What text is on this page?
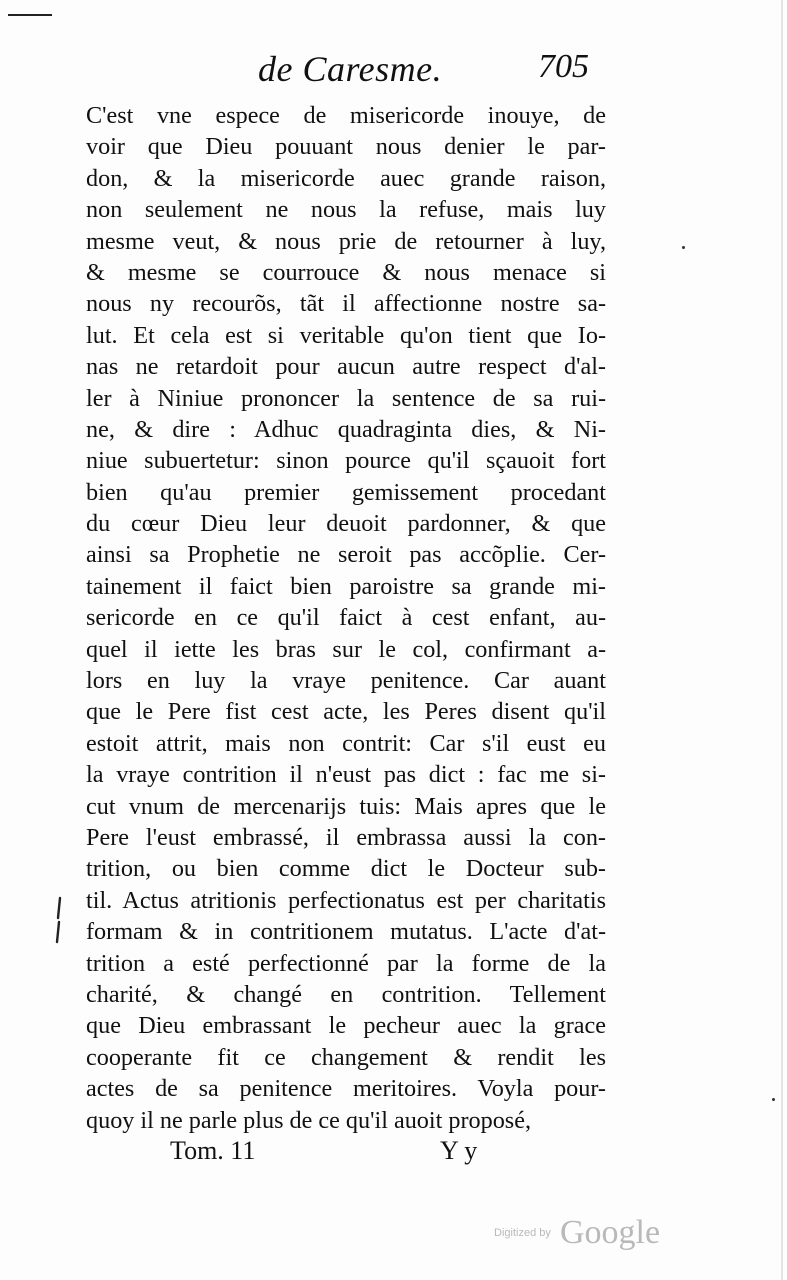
de Caresme.	705
C'est vne espece de misericorde inouye, de
voir que Dieu pouuant nous denier le par-
don, & la misericorde auec grande raison,
non seulement ne nous la refuse, mais luy
mesme veut, & nous prie de retourner à luy,
& mesme se courrouce & nous menace si
nous ny recourõs, tãt il affectionne nostre sa-
lut. Et cela est si veritable qu'on tient que Io-
nas ne retardoit pour aucun autre respect d'al-
ler à Niniue prononcer la sentence de sa rui-
ne, & dire : Adhuc quadraginta dies, & Ni-
niue subuertetur: sinon pource qu'il sçauoit fort
bien qu'au premier gemissement procedant
du cœur Dieu leur deuoit pardonner, & que
ainsi sa Prophetie ne seroit pas accõplie. Cer-
tainement il faict bien paroistre sa grande mi-
sericorde en ce qu'il faict à cest enfant, au-
quel il iette les bras sur le col, confirmant a-
lors en luy la vraye penitence. Car auant
que le Pere fist cest acte, les Peres disent qu'il
estoit attrit, mais non contrit: Car s'il eust eu
la vraye contrition il n'eust pas dict : fac me si-
cut vnum de mercenarijs tuis: Mais apres que le
Pere l'eust embrassé, il embrassa aussi la con-
trition, ou bien comme dict le Docteur sub-
til. Actus atritionis perfectionatus est per charitatis
formam & in contritionem mutatus. L'acte d'at-
trition a esté perfectionné par la forme de la
charité, & changé en contrition. Tellement
que Dieu embrassant le pecheur auec la grace
cooperante fit ce changement & rendit les
actes de sa penitence meritoires. Voyla pour-
quoy il ne parle plus de ce qu'il auoit proposé,
Tom. 11	Y y
Digitized by Google
